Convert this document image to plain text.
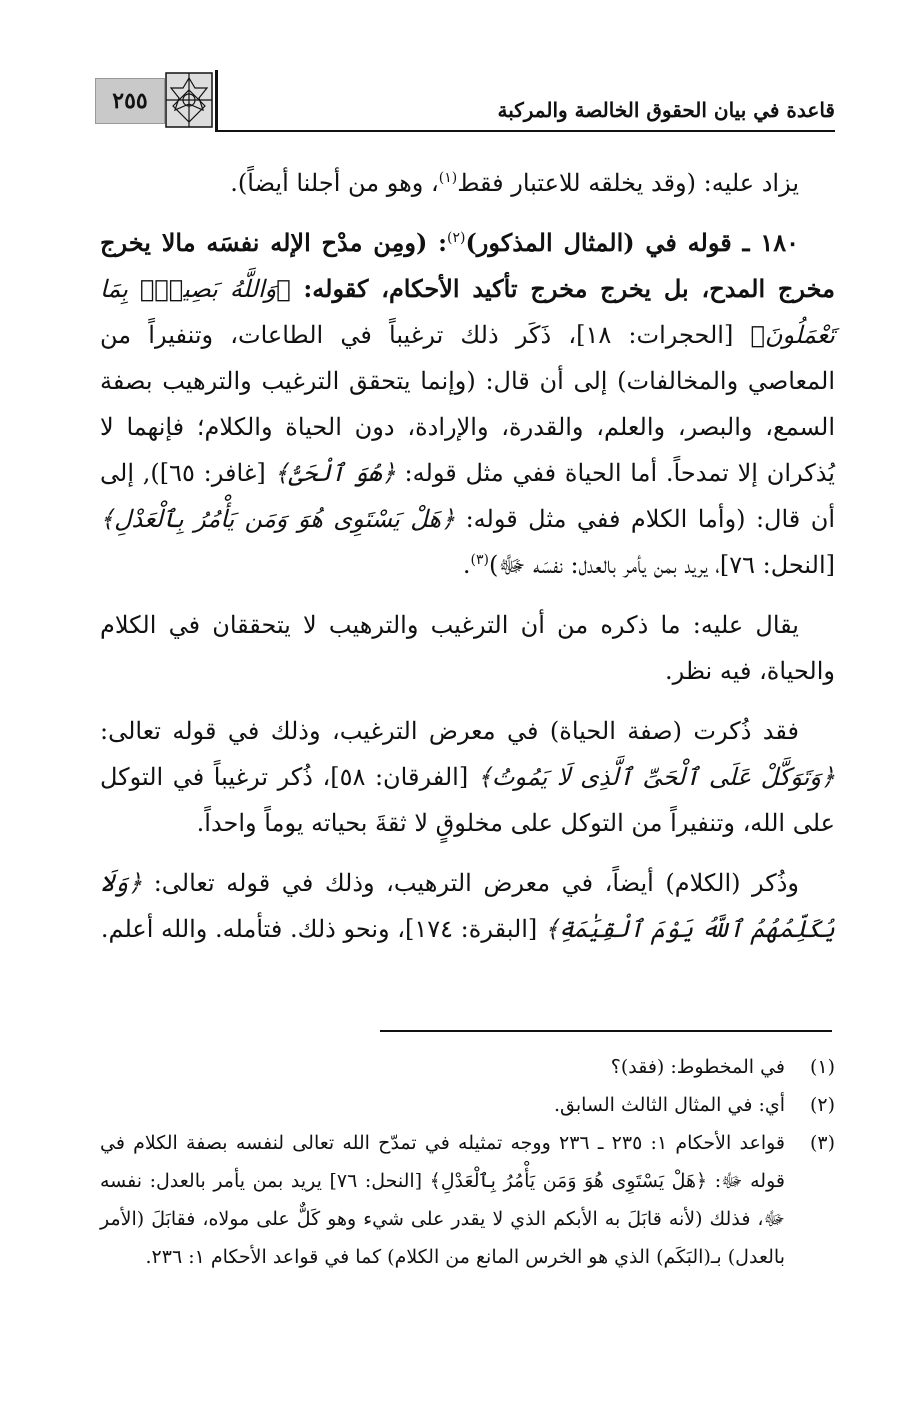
٢٥٥	قاعدة في بيان الحقوق الخالصة والمركبة

يزاد عليه: (وقد يخلقه للاعتبار فقط$^{(١)}$، وهو من أجلنا أيضاً).

١٨٠ ـ قوله في (المثال المذكور)$^{(٢)}$: (ومِن مدْح الإله نفسَه مالا يخرج مخرج المدح، بل يخرج مخرج تأكيد الأحكام، كقوله: ﴿وَاللَّهُ بَصِيرٌۢ بِمَا تَعْمَلُونَ﴾ [الحجرات: ١٨]، ذَكَر ذلك ترغيباً في الطاعات، وتنفيراً من المعاصي والمخالفات) إلى أن قال: (وإنما يتحقق الترغيب والترهيب بصفة السمع، والبصر، والعلم، والقدرة، والإرادة، دون الحياة والكلام؛ فإنهما لا يُذكران إلا تمدحاً. أما الحياة ففي مثل قوله: ﴿هُوَ ٱلْحَىُّ﴾ [غافر: ٦٥]), إلى أن قال: (وأما الكلام ففي مثل قوله: ﴿هَلْ يَسْتَوِى هُوَ وَمَن يَأْمُرُ بِٱلْعَدْلِ﴾ [النحل: ٧٦]، يريد بمن يأمر بالعدل: نفسَه ﷻ)$^{(٣)}$.

يقال عليه: ما ذكره من أن الترغيب والترهيب لا يتحققان في الكلام والحياة، فيه نظر.

فقد ذُكرت (صفة الحياة) في معرض الترغيب، وذلك في قوله تعالى: ﴿وَتَوَكَّلْ عَلَى ٱلْحَىِّ ٱلَّذِى لَا يَمُوتُ﴾ [الفرقان: ٥٨]، ذُكر ترغيباً في التوكل على الله، وتنفيراً من التوكل على مخلوقٍ لا ثقةَ بحياته يوماً واحداً.

وذُكر (الكلام) أيضاً، في معرض الترهيب، وذلك في قوله تعالى: ﴿وَلَا يُكَلِّمُهُمُ ٱللَّهُ يَوْمَ ٱلْقِيَٰمَةِ﴾ [البقرة: ١٧٤]، ونحو ذلك. فتأمله. والله أعلم.

(١)
في المخطوط: (فقد)؟
(٢)
أي: في المثال الثالث السابق.
(٣)
قواعد الأحكام ١: ٢٣٥ ـ ٢٣٦ ووجه تمثيله في تمدّح الله تعالى لنفسه بصفة الكلام في قوله ﷻ: ﴿هَلْ يَسْتَوِى هُوَ وَمَن يَأْمُرُ بِٱلْعَدْلِ﴾ [النحل: ٧٦] يريد بمن يأمر بالعدل: نفسه ﷻ، فذلك (لأنه قابَلَ به الأبكم الذي لا يقدر على شيء وهو كَلٌّ على مولاه، فقابَلَ (الأمر بالعدل) بـ(البَكَم) الذي هو الخرس المانع من الكلام) كما في قواعد الأحكام ١: ٢٣٦.
